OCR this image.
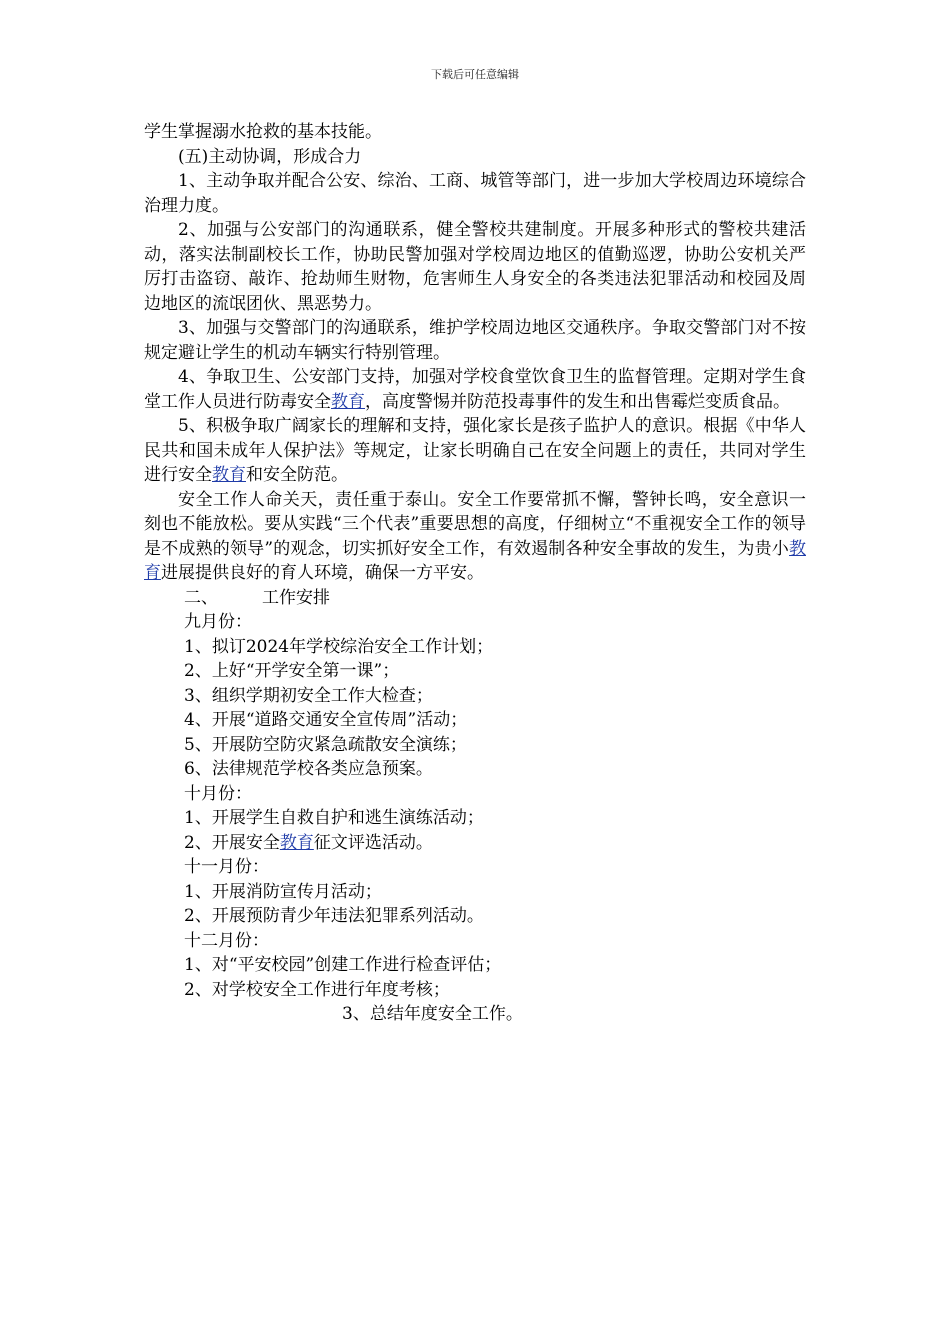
下载后可任意编辑

学生掌握溺水抢救的基本技能。

(五)主动协调，形成合力

1、主动争取并配合公安、综治、工商、城管等部门，进一步加大学校周边环境综合治理力度。

2、加强与公安部门的沟通联系，健全警校共建制度。开展多种形式的警校共建活动，落实法制副校长工作，协助民警加强对学校周边地区的值勤巡逻，协助公安机关严厉打击盗窃、敲诈、抢劫师生财物，危害师生人身安全的各类违法犯罪活动和校园及周边地区的流氓团伙、黑恶势力。

3、加强与交警部门的沟通联系，维护学校周边地区交通秩序。争取交警部门对不按规定避让学生的机动车辆实行特别管理。

4、争取卫生、公安部门支持，加强对学校食堂饮食卫生的监督管理。定期对学生食堂工作人员进行防毒安全教育，高度警惕并防范投毒事件的发生和出售霉烂变质食品。

5、积极争取广阔家长的理解和支持，强化家长是孩子监护人的意识。根据《中华人民共和国未成年人保护法》等规定，让家长明确自己在安全问题上的责任，共同对学生进行安全教育和安全防范。

安全工作人命关天，责任重于泰山。安全工作要常抓不懈，警钟长鸣，安全意识一刻也不能放松。要从实践“三个代表”重要思想的高度，仔细树立“不重视安全工作的领导是不成熟的领导”的观念，切实抓好安全工作，有效遏制各种安全事故的发生，为贵小教育进展提供良好的育人环境，确保一方平安。

二、	工作安排

九月份：

1、拟订2024年学校综治安全工作计划；

2、上好“开学安全第一课”；

3、组织学期初安全工作大检查；

4、开展“道路交通安全宣传周”活动；

5、开展防空防灾紧急疏散安全演练；

6、法律规范学校各类应急预案。

十月份：

1、开展学生自救自护和逃生演练活动；

2、开展安全教育征文评选活动。

十一月份：

1、开展消防宣传月活动；

2、开展预防青少年违法犯罪系列活动。

十二月份：

1、对“平安校园”创建工作进行检查评估；

2、对学校安全工作进行年度考核；

3、总结年度安全工作。
